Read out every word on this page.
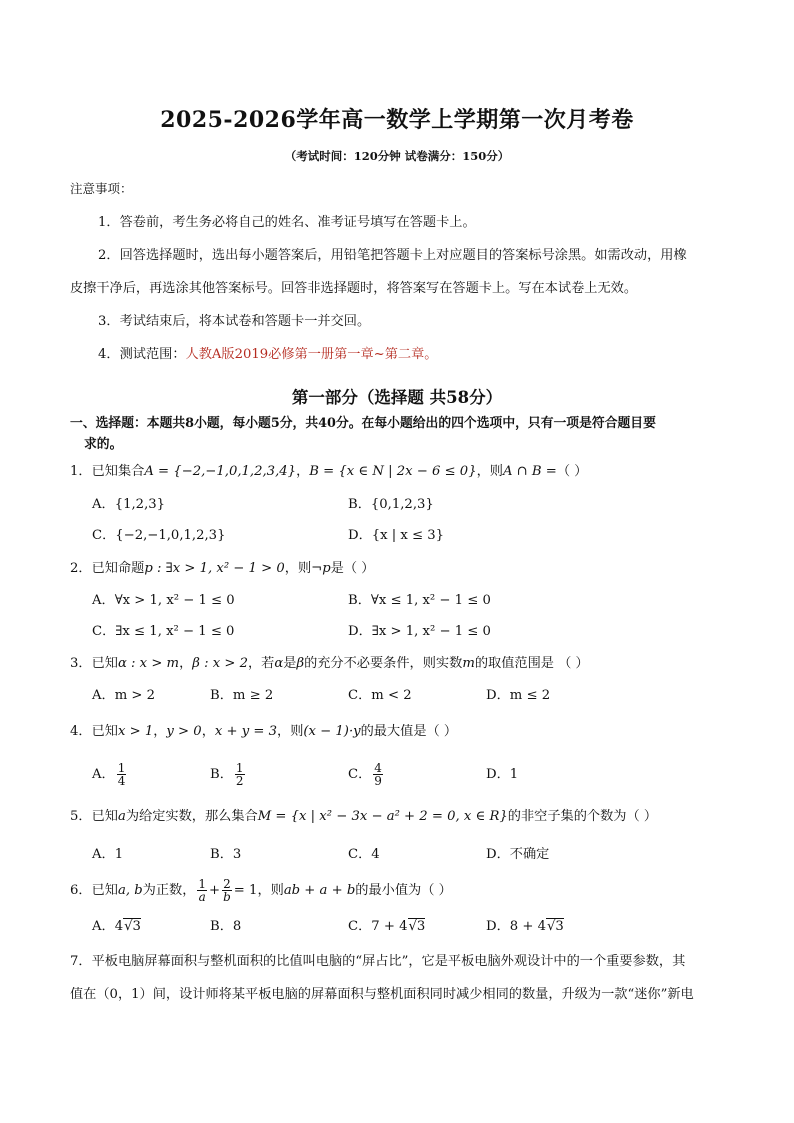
2025-2026学年高一数学上学期第一次月考卷
（考试时间：120分钟 试卷满分：150分）
注意事项：
1．答卷前，考生务必将自己的姓名、准考证号填写在答题卡上。
2．回答选择题时，选出每小题答案后，用铅笔把答题卡上对应题目的答案标号涂黑。如需改动，用橡
皮擦干净后，再选涂其他答案标号。回答非选择题时，将答案写在答题卡上。写在本试卷上无效。
3．考试结束后，将本试卷和答题卡一并交回。
4．测试范围：人教A版2019必修第一册第一章~第二章。
第一部分（选择题 共58分）
一、选择题：本题共8小题，每小题5分，共40分。在每小题给出的四个选项中，只有一项是符合题目要
求的。
1．已知集合A = {−2,−1,0,1,2,3,4}，B = {x ∈ N | 2x − 6 ≤ 0}，则A ∩ B =（ ）
A．{1,2,3}	B．{0,1,2,3}
C．{−2,−1,0,1,2,3}	D．{x | x ≤ 3}
2．已知命题p : ∃x > 1, x² − 1 > 0，则¬p是（ ）
A．∀x > 1, x² − 1 ≤ 0	B．∀x ≤ 1, x² − 1 ≤ 0
C．∃x ≤ 1, x² − 1 ≤ 0	D．∃x > 1, x² − 1 ≤ 0
3．已知α : x > m，β : x > 2，若α是β的充分不必要条件，则实数m的取值范围是 （ ）
A．m > 2	B．m ≥ 2	C．m < 2	D．m ≤ 2
4．已知x > 1，y > 0，x + y = 3，则(x − 1)·y的最大值是（ ）
A． $\frac{1}{4}$	B． $\frac{1}{2}$	C． $\frac{4}{9}$	D．1
5．已知a为给定实数，那么集合M = {x | x² − 3x − a² + 2 = 0, x ∈ R}的非空子集的个数为（ ）
A．1	B．3	C．4	D．不确定
6．已知a, b为正数， $\frac{1}{a} + \frac{2}{b} = 1$，则ab + a + b的最小值为（ ）
A．4√3	B．8	C．7 + 4√3	D．8 + 4√3
7．平板电脑屏幕面积与整机面积的比值叫电脑的“屏占比”，它是平板电脑外观设计中的一个重要参数，其
值在（0，1）间，设计师将某平板电脑的屏幕面积与整机面积同时减少相同的数量，升级为一款“迷你”新电
